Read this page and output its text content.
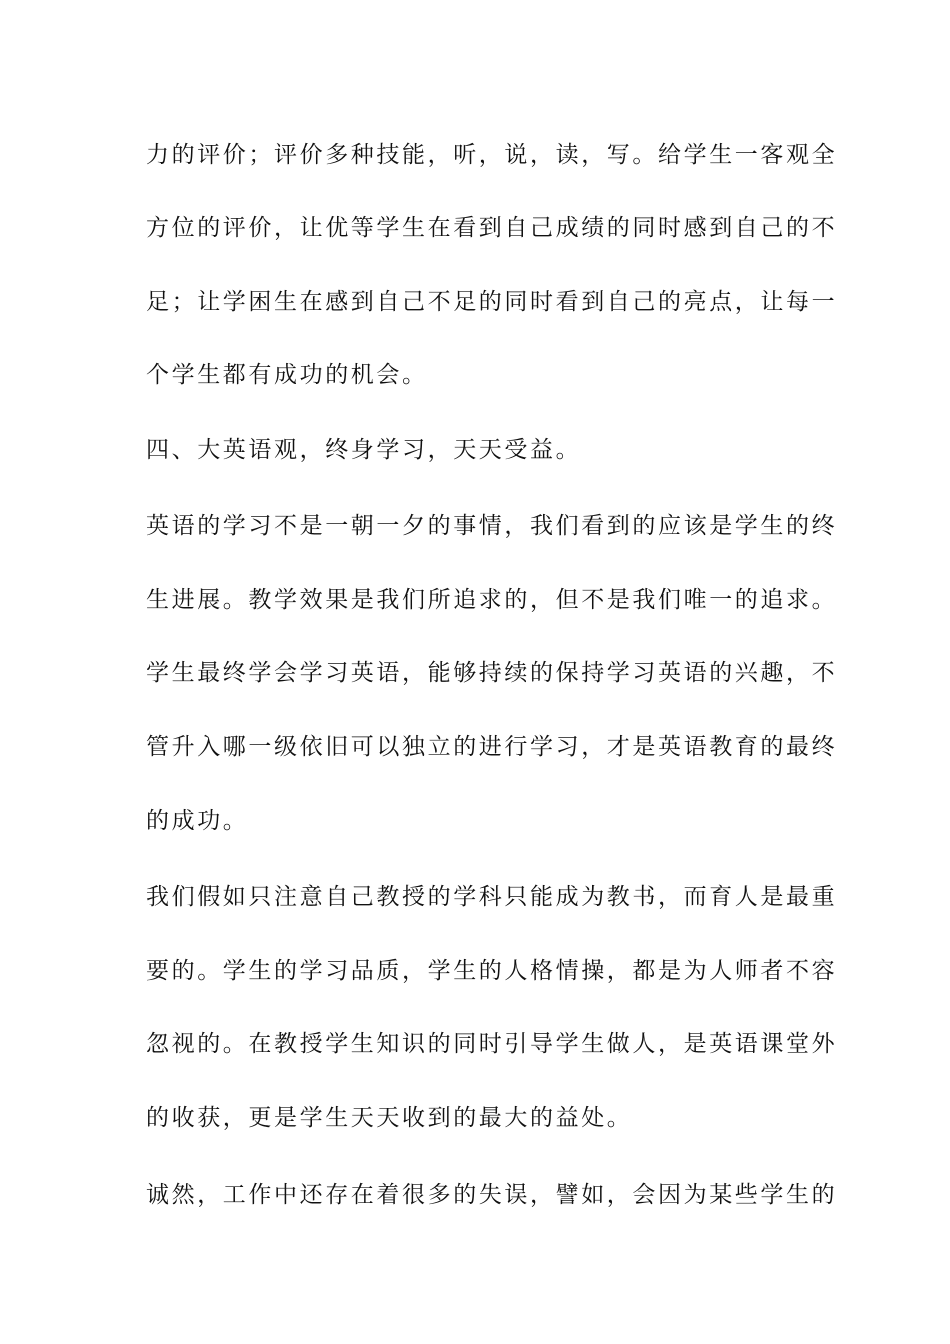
力的评价；评价多种技能，听，说，读，写。给学生一客观全
方位的评价，让优等学生在看到自己成绩的同时感到自己的不
足；让学困生在感到自己不足的同时看到自己的亮点，让每一
个学生都有成功的机会。
四、大英语观，终身学习，天天受益。
英语的学习不是一朝一夕的事情，我们看到的应该是学生的终
生进展。教学效果是我们所追求的，但不是我们唯一的追求。
学生最终学会学习英语，能够持续的保持学习英语的兴趣，不
管升入哪一级依旧可以独立的进行学习，才是英语教育的最终
的成功。
我们假如只注意自己教授的学科只能成为教书，而育人是最重
要的。学生的学习品质，学生的人格情操，都是为人师者不容
忽视的。在教授学生知识的同时引导学生做人，是英语课堂外
的收获，更是学生天天收到的最大的益处。
诚然，工作中还存在着很多的失误，譬如，会因为某些学生的
